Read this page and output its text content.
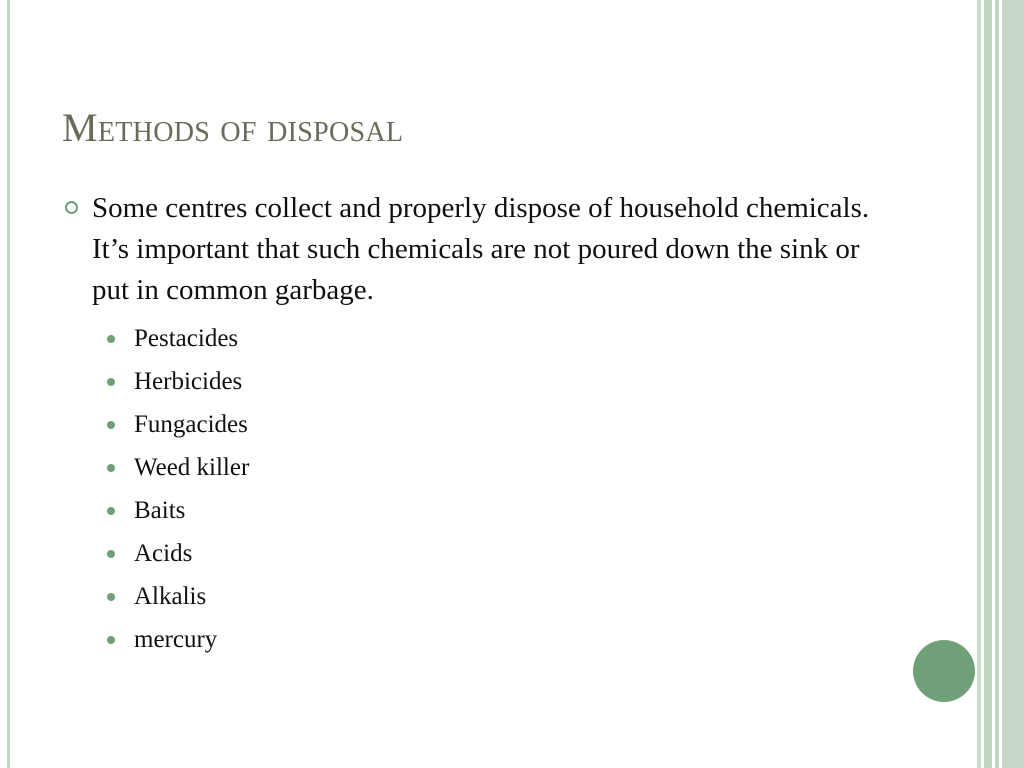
Methods of disposal
Some centres collect and properly dispose of household chemicals. It’s important that such chemicals are not poured down the sink or put in common garbage.
Pestacides
Herbicides
Fungacides
Weed killer
Baits
Acids
Alkalis
mercury
